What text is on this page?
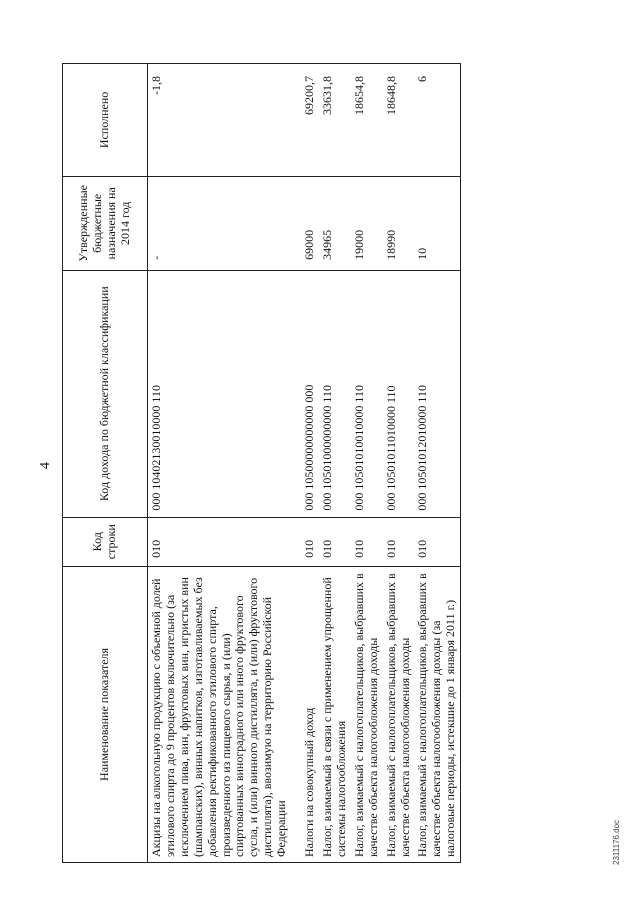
4
Наименование показателя	Код строки	Код дохода по бюджетной классификации	Утвержденные бюджетные назначения на 2014 год	Исполнено
Акцизы на алкогольную продукцию с объемной долей этилового спирта до 9 процентов включительно (за исключением пива, вин, фруктовых вин, игристых вин (шампанских), винных напитков, изготавливаемых без добавления ректификованного этилового спирта, произведенного из пищевого сырья, и (или) спиртованных виноградного или иного фруктового сусла, и (или) винного дистиллята, и (или) фруктового дистиллята), ввозимую на территорию Российской Федерации	010	000 10402130010000 110	-	-1,8
Налоги на совокупный доход	010	000 10500000000000 000	69000	69200,7
Налог, взимаемый в связи с применением упрощенной системы налогообложения	010	000 10501000000000 110	34965	33631,8
Налог, взимаемый с налогоплательщиков, выбравших в качестве объекта налогообложения доходы	010	000 10501010010000 110	19000	18654,8
Налог, взимаемый с налогоплательщиков, выбравших в качестве объекта налогообложения доходы	010	000 10501011010000 110	18990	18648,8
Налог, взимаемый с налогоплательщиков, выбравших в качестве объекта налогообложения доходы (за налоговые периоды, истекшие до 1 января 2011 г.)	010	000 10501012010000 110	10	6
2311176.doc
